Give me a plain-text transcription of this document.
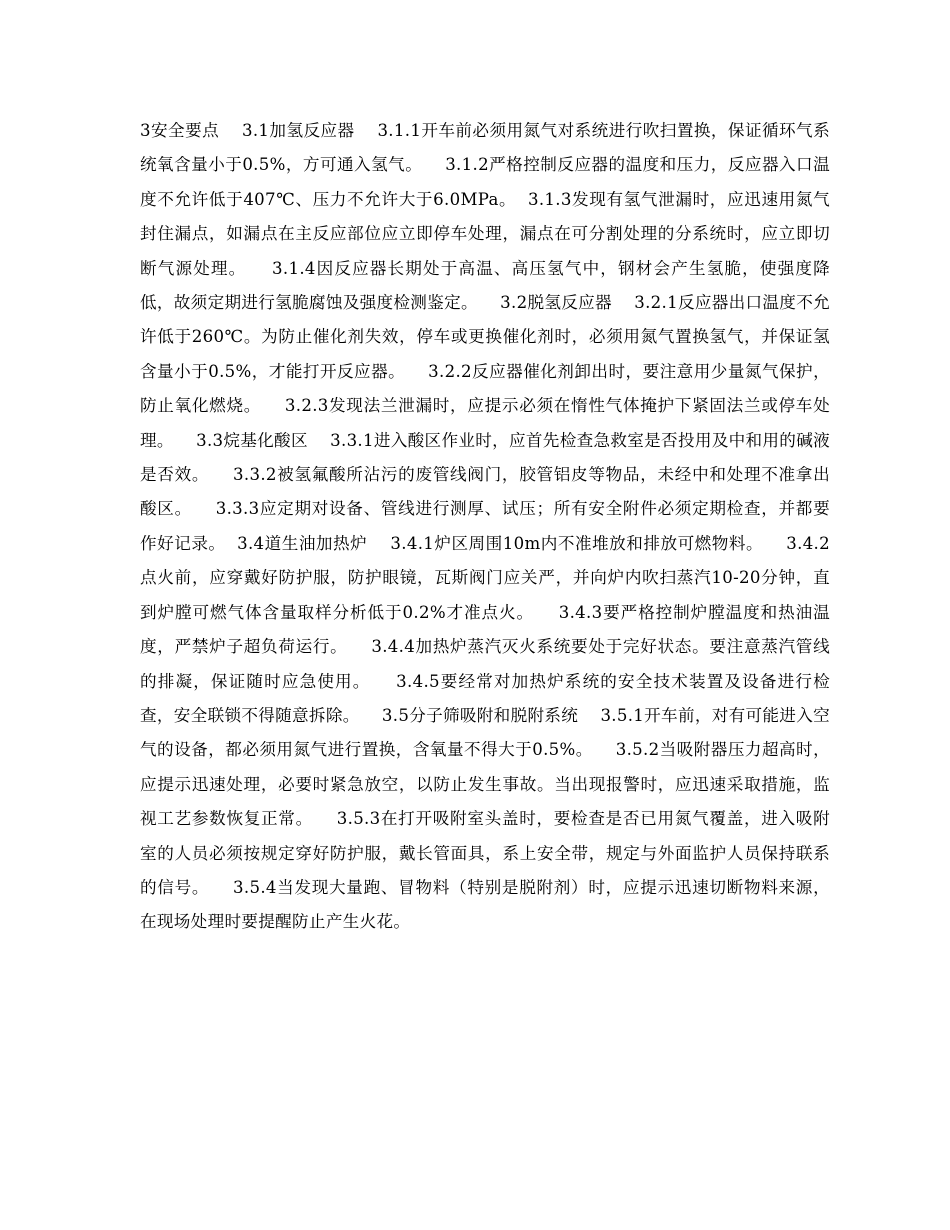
3安全要点    3.1加氢反应器    3.1.1开车前必须用氮气对系统进行吹扫置换，保证循环气系统氧含量小于0.5%，方可通入氢气。    3.1.2严格控制反应器的温度和压力，反应器入口温度不允许低于407℃、压力不允许大于6.0MPa。  3.1.3发现有氢气泄漏时，应迅速用氮气封住漏点，如漏点在主反应部位应立即停车处理，漏点在可分割处理的分系统时，应立即切断气源处理。    3.1.4因反应器长期处于高温、高压氢气中，钢材会产生氢脆，使强度降低，故须定期进行氢脆腐蚀及强度检测鉴定。    3.2脱氢反应器    3.2.1反应器出口温度不允许低于260℃。为防止催化剂失效，停车或更换催化剂时，必须用氮气置换氢气，并保证氢含量小于0.5%，才能打开反应器。    3.2.2反应器催化剂卸出时，要注意用少量氮气保护，防止氧化燃烧。    3.2.3发现法兰泄漏时，应提示必须在惰性气体掩护下紧固法兰或停车处理。    3.3烷基化酸区    3.3.1进入酸区作业时，应首先检查急救室是否投用及中和用的碱液是否效。    3.3.2被氢氟酸所沾污的废管线阀门，胶管铝皮等物品，未经中和处理不准拿出酸区。    3.3.3应定期对设备、管线进行测厚、试压；所有安全附件必须定期检查，并都要作好记录。  3.4道生油加热炉    3.4.1炉区周围10m内不准堆放和排放可燃物料。    3.4.2点火前，应穿戴好防护服，防护眼镜，瓦斯阀门应关严，并向炉内吹扫蒸汽10-20分钟，直到炉膛可燃气体含量取样分析低于0.2%才准点火。    3.4.3要严格控制炉膛温度和热油温度，严禁炉子超负荷运行。    3.4.4加热炉蒸汽灭火系统要处于完好状态。要注意蒸汽管线的排凝，保证随时应急使用。    3.4.5要经常对加热炉系统的安全技术装置及设备进行检查，安全联锁不得随意拆除。    3.5分子筛吸附和脱附系统    3.5.1开车前，对有可能进入空气的设备，都必须用氮气进行置换，含氧量不得大于0.5%。    3.5.2当吸附器压力超高时，应提示迅速处理，必要时紧急放空，以防止发生事故。当出现报警时，应迅速采取措施，监视工艺参数恢复正常。    3.5.3在打开吸附室头盖时，要检查是否已用氮气覆盖，进入吸附室的人员必须按规定穿好防护服，戴长管面具，系上安全带，规定与外面监护人员保持联系的信号。    3.5.4当发现大量跑、冒物料（特别是脱附剂）时，应提示迅速切断物料来源，在现场处理时要提醒防止产生火花。
